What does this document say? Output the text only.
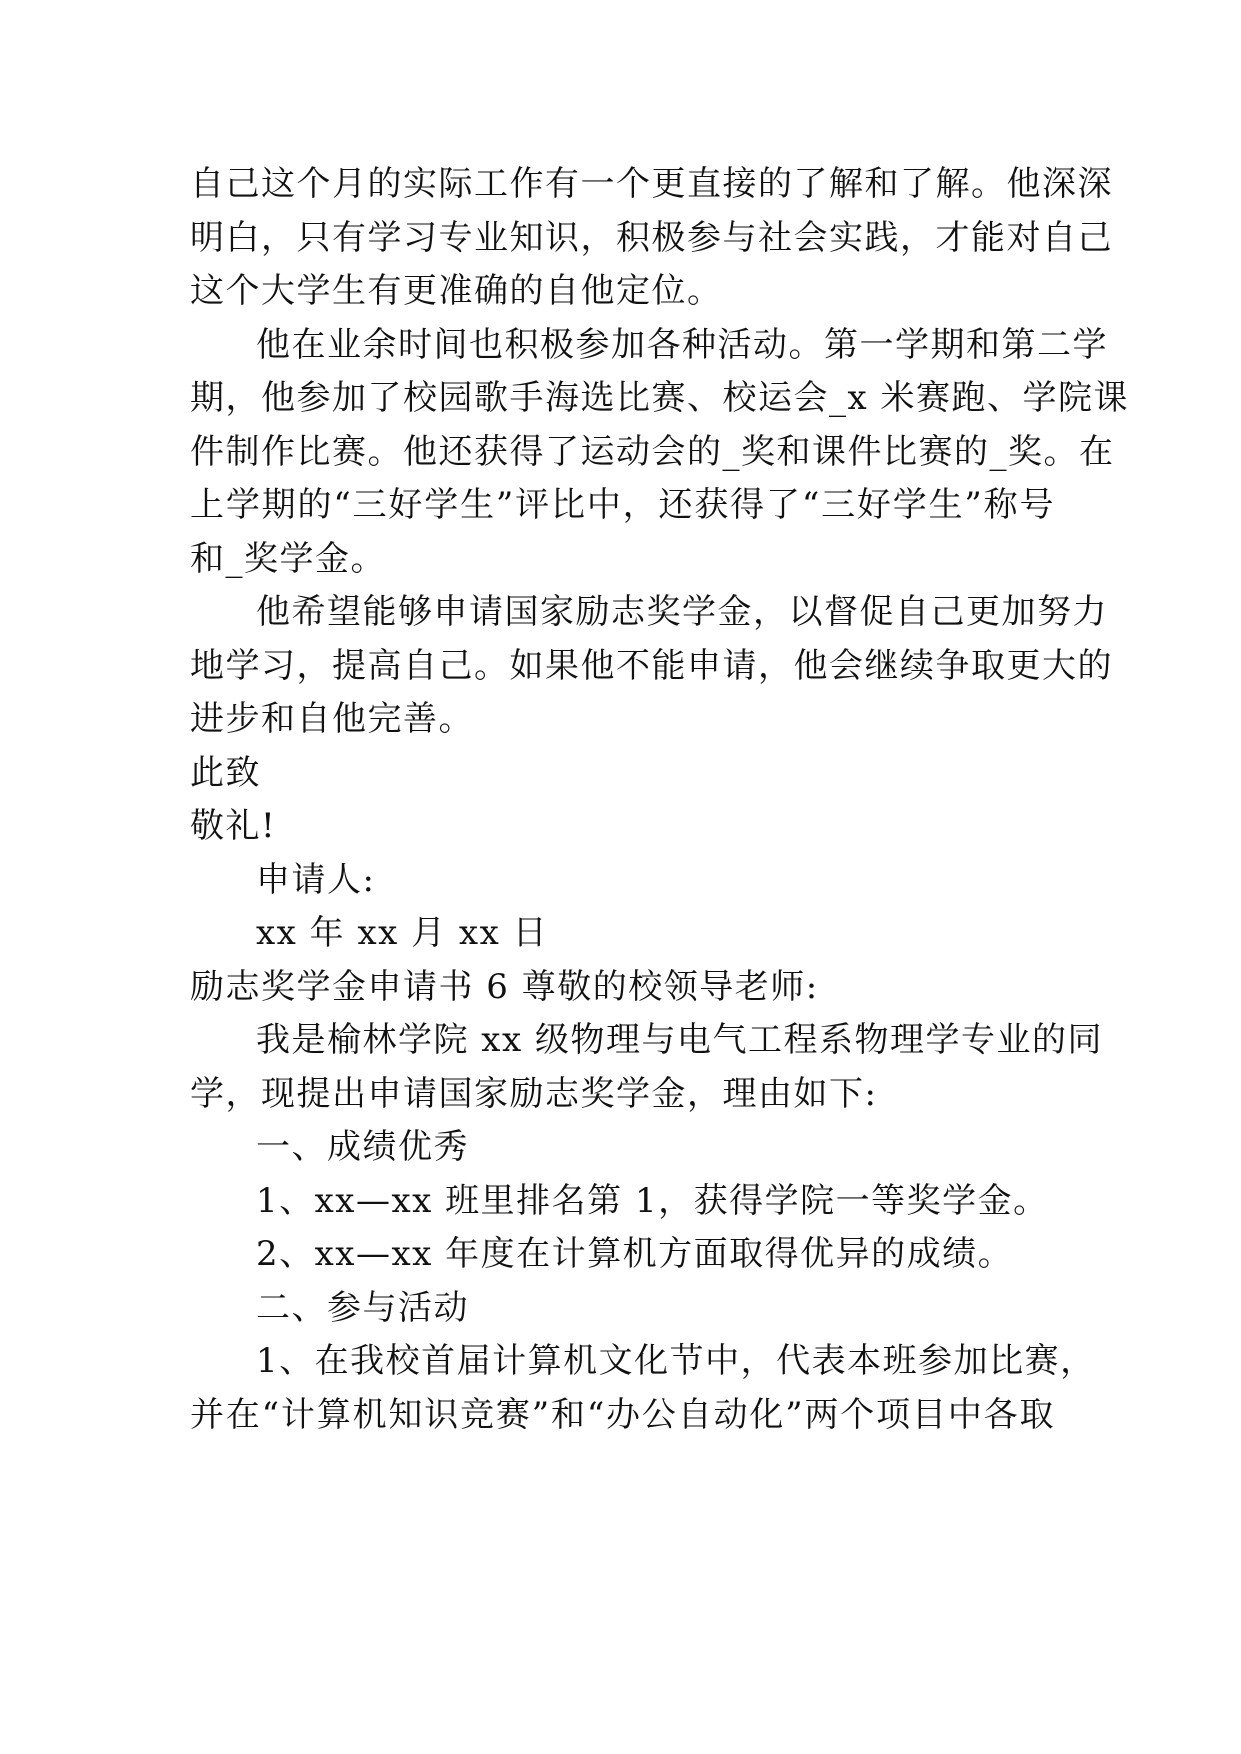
自己这个月的实际工作有一个更直接的了解和了解。他深深
明白，只有学习专业知识，积极参与社会实践，才能对自己
这个大学生有更准确的自他定位。
他在业余时间也积极参加各种活动。第一学期和第二学
期，他参加了校园歌手海选比赛、校运会_x 米赛跑、学院课
件制作比赛。他还获得了运动会的_奖和课件比赛的_奖。在
上学期的“三好学生”评比中，还获得了“三好学生”称号
和_奖学金。
他希望能够申请国家励志奖学金，以督促自己更加努力
地学习，提高自己。如果他不能申请，他会继续争取更大的
进步和自他完善。
此致
敬礼!
申请人:
xx 年 xx 月 xx 日
励志奖学金申请书 6 尊敬的校领导老师:
我是榆林学院 xx 级物理与电气工程系物理学专业的同
学，现提出申请国家励志奖学金，理由如下:
一、成绩优秀
1、xx—xx 班里排名第 1，获得学院一等奖学金。
2、xx—xx 年度在计算机方面取得优异的成绩。
二、参与活动
1、在我校首届计算机文化节中，代表本班参加比赛，
并在“计算机知识竞赛”和“办公自动化”两个项目中各取
